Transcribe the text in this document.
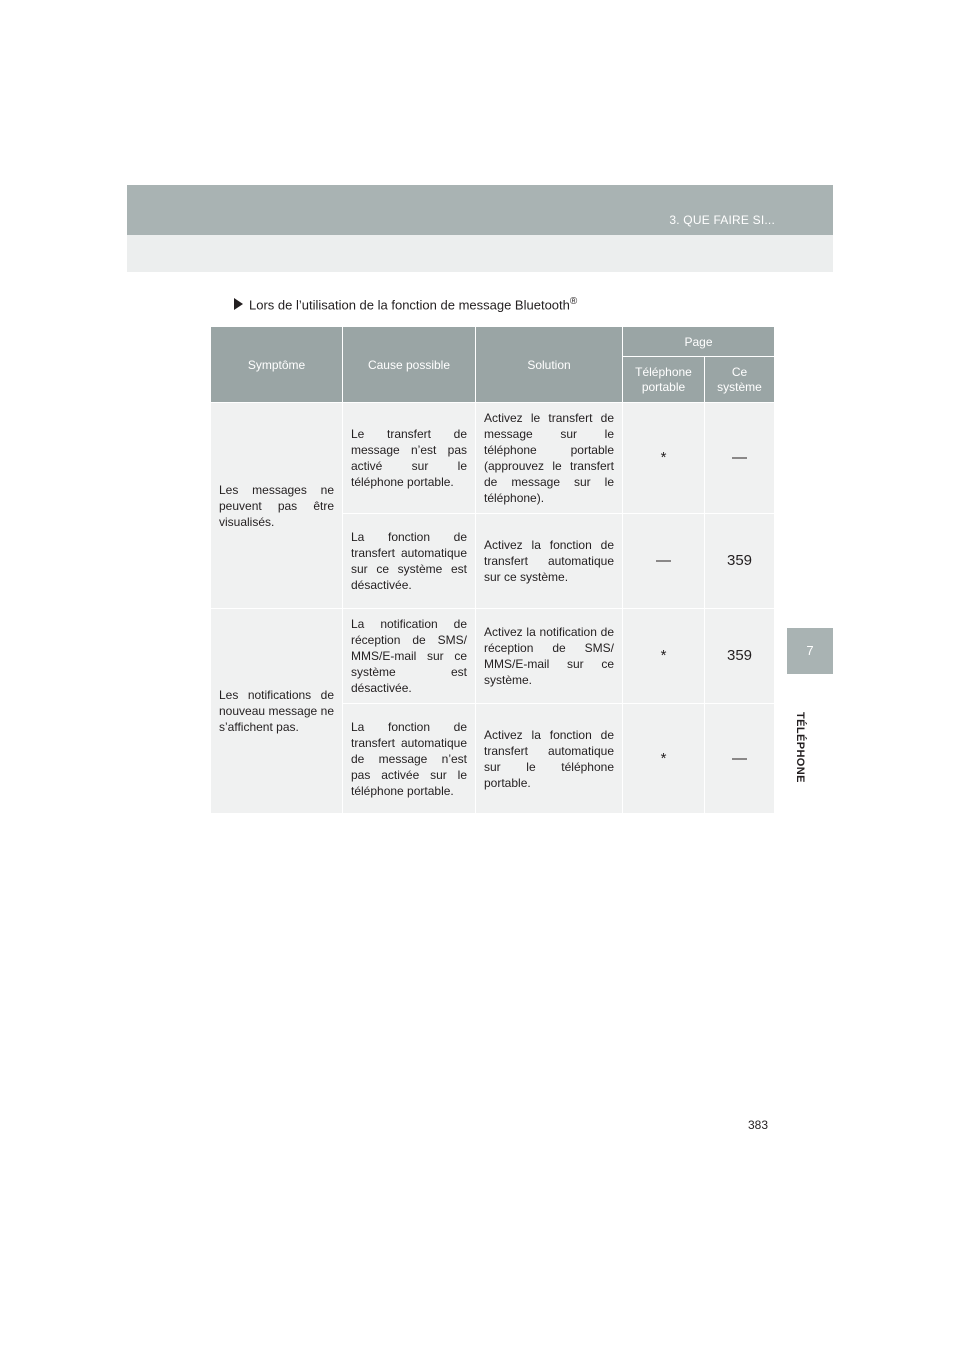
3. QUE FAIRE SI...
7
TÉLÉPHONE
Lors de l’utilisation de la fonction de message Bluetooth®
Symptôme	Cause possible	Solution	Page	
			Téléphone portable	Ce système
Les messages ne peuvent pas être visualisés.	Le transfert de message n’est pas activé sur le téléphone portable.	Activez le transfert de message sur le téléphone portable (approuvez le transfert de message sur le téléphone).	*	—
	La fonction de transfert automatique sur ce système est désactivée.	Activez la fonction de transfert automatique sur ce système.	—	359
Les notifications de nouveau message ne s’affichent pas.	La notification de réception de SMS/ MMS/E-mail sur ce système est désactivée.	Activez la notification de réception de SMS/ MMS/E-mail sur ce système.	*	359
	La fonction de transfert automatique de message n’est pas activée sur le téléphone portable.	Activez la fonction de transfert automatique sur le téléphone portable.	*	—
383
